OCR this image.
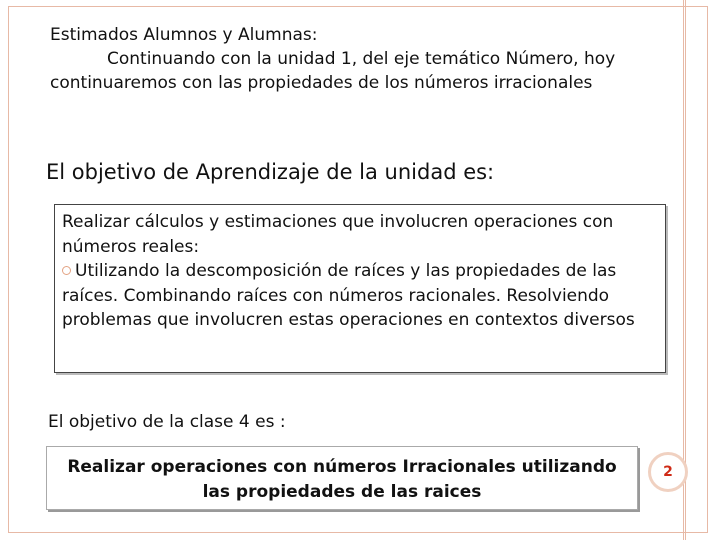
Estimados Alumnos y Alumnas:
Continuando con la unidad 1, del eje temático Número, hoy
continuaremos con las propiedades de los números irracionales
El objetivo de Aprendizaje de la unidad es:
Realizar cálculos y estimaciones que involucren operaciones con números reales:
Utilizando la descomposición de raíces y las propiedades de las raíces. Combinando raíces con números racionales. Resolviendo problemas que involucren estas operaciones en contextos diversos
El objetivo de la clase 4 es :
Realizar operaciones con números Irracionales utilizando las propiedades de las raices
2
